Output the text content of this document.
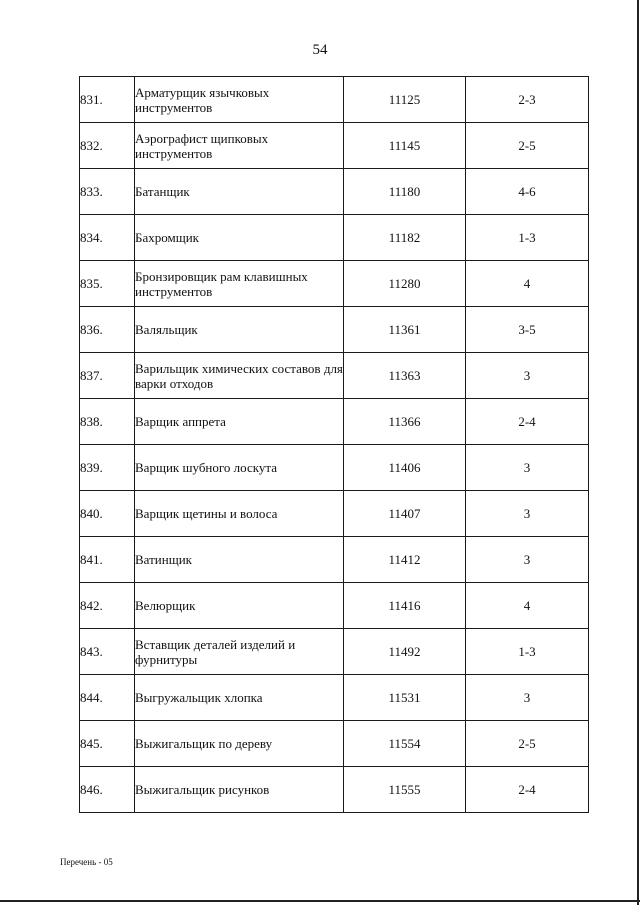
54
831.	Арматурщик язычковых инструментов	11125	2-3
832.	Аэрографист щипковых инструментов	11145	2-5
833.	Батанщик	11180	4-6
834.	Бахромщик	11182	1-3
835.	Бронзировщик рам клавишных инструментов	11280	4
836.	Валяльщик	11361	3-5
837.	Варильщик химических составов для варки отходов	11363	3
838.	Варщик аппрета	11366	2-4
839.	Варщик шубного лоскута	11406	3
840.	Варщик щетины и волоса	11407	3
841.	Ватинщик	11412	3
842.	Велюрщик	11416	4
843.	Вставщик деталей изделий и фурнитуры	11492	1-3
844.	Выгружальщик хлопка	11531	3
845.	Выжигальщик по дереву	11554	2-5
846.	Выжигальщик рисунков	11555	2-4
Перечень - 05
